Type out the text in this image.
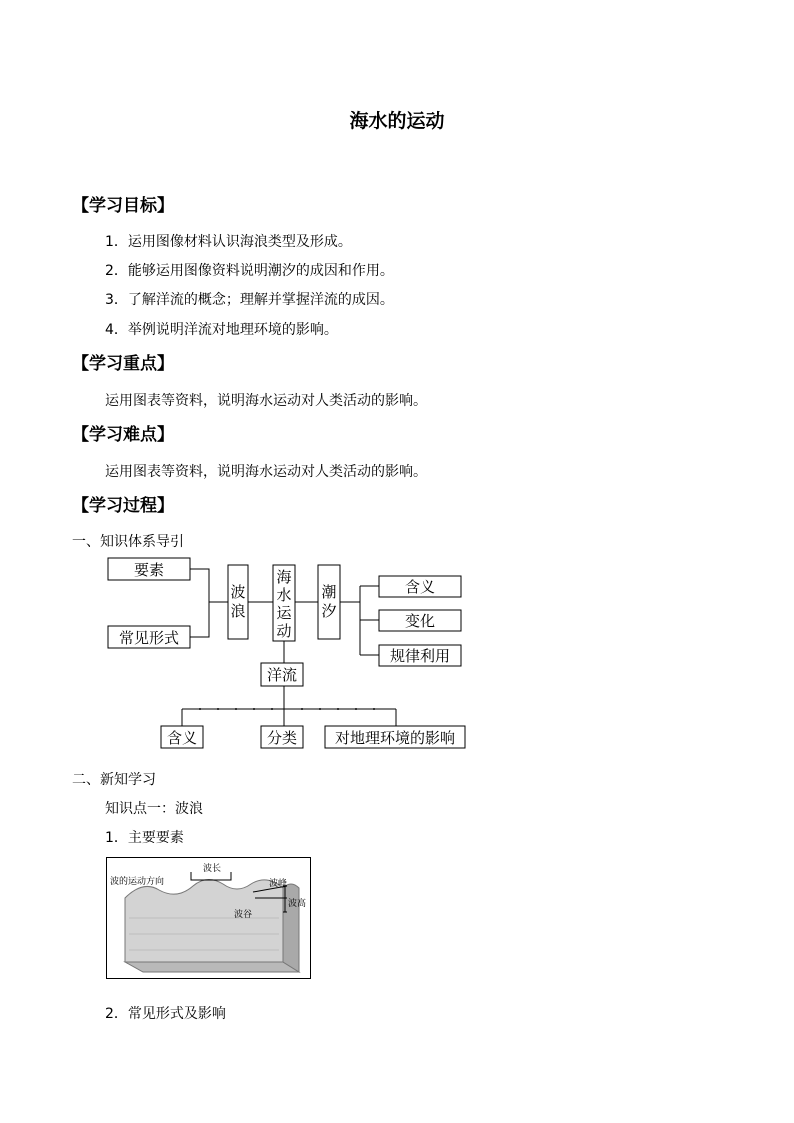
海水的运动
【学习目标】
1．运用图像材料认识海浪类型及形成。
2．能够运用图像资料说明潮汐的成因和作用。
3．了解洋流的概念；理解并掌握洋流的成因。
4．举例说明洋流对地理环境的影响。
【学习重点】
运用图表等资料，说明海水运动对人类活动的影响。
【学习难点】
运用图表等资料，说明海水运动对人类活动的影响。
【学习过程】
一、知识体系导引
要素
常见形式
波
浪
海
水
运
动
潮
汐
含义
变化
规律利用
洋流
含义	分类	对地理环境的影响
二、新知学习
知识点一：波浪
1．主要要素
波的运动方向
波长
波峰
波谷
波高
2．常见形式及影响
